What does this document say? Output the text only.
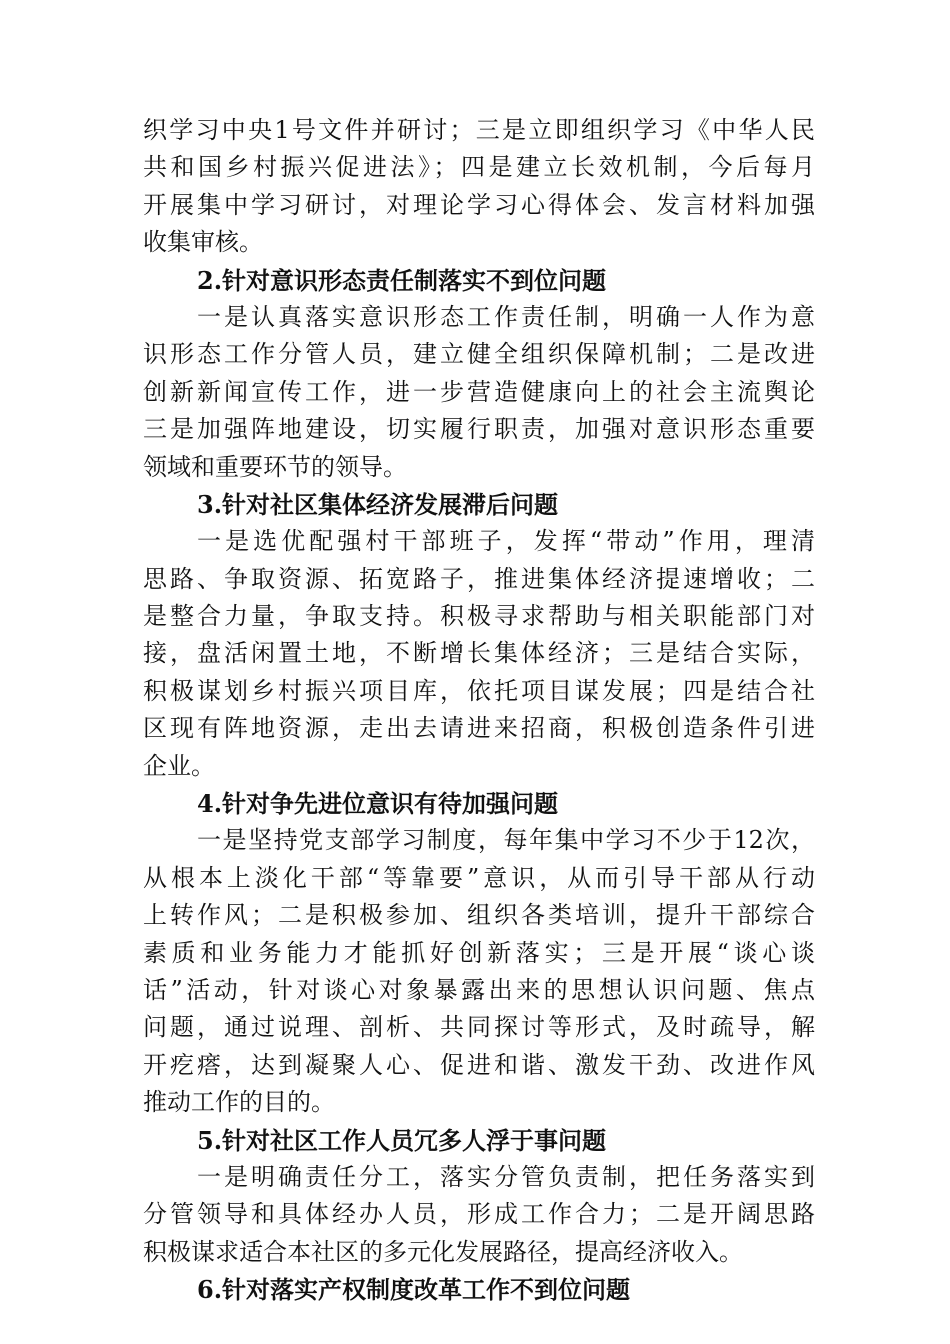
织学习中央1号文件并研讨；三是立即组织学习《中华人民
共和国乡村振兴促进法》；四是建立长效机制，今后每月
开展集中学习研讨，对理论学习心得体会、发言材料加强
收集审核。
2.针对意识形态责任制落实不到位问题
一是认真落实意识形态工作责任制，明确一人作为意
识形态工作分管人员，建立健全组织保障机制；二是改进
创新新闻宣传工作，进一步营造健康向上的社会主流舆论
三是加强阵地建设，切实履行职责，加强对意识形态重要
领域和重要环节的领导。
3.针对社区集体经济发展滞后问题
一是选优配强村干部班子，发挥“带动”作用，理清
思路、争取资源、拓宽路子，推进集体经济提速增收；二
是整合力量，争取支持。积极寻求帮助与相关职能部门对
接，盘活闲置土地，不断增长集体经济；三是结合实际，
积极谋划乡村振兴项目库，依托项目谋发展；四是结合社
区现有阵地资源，走出去请进来招商，积极创造条件引进
企业。
4.针对争先进位意识有待加强问题
一是坚持党支部学习制度，每年集中学习不少于12次，
从根本上淡化干部“等靠要”意识，从而引导干部从行动
上转作风；二是积极参加、组织各类培训，提升干部综合
素质和业务能力才能抓好创新落实；三是开展“谈心谈
话”活动，针对谈心对象暴露出来的思想认识问题、焦点
问题，通过说理、剖析、共同探讨等形式，及时疏导，解
开疙瘩，达到凝聚人心、促进和谐、激发干劲、改进作风
推动工作的目的。
5.针对社区工作人员冗多人浮于事问题
一是明确责任分工，落实分管负责制，把任务落实到
分管领导和具体经办人员，形成工作合力；二是开阔思路
积极谋求适合本社区的多元化发展路径，提高经济收入。
6.针对落实产权制度改革工作不到位问题
